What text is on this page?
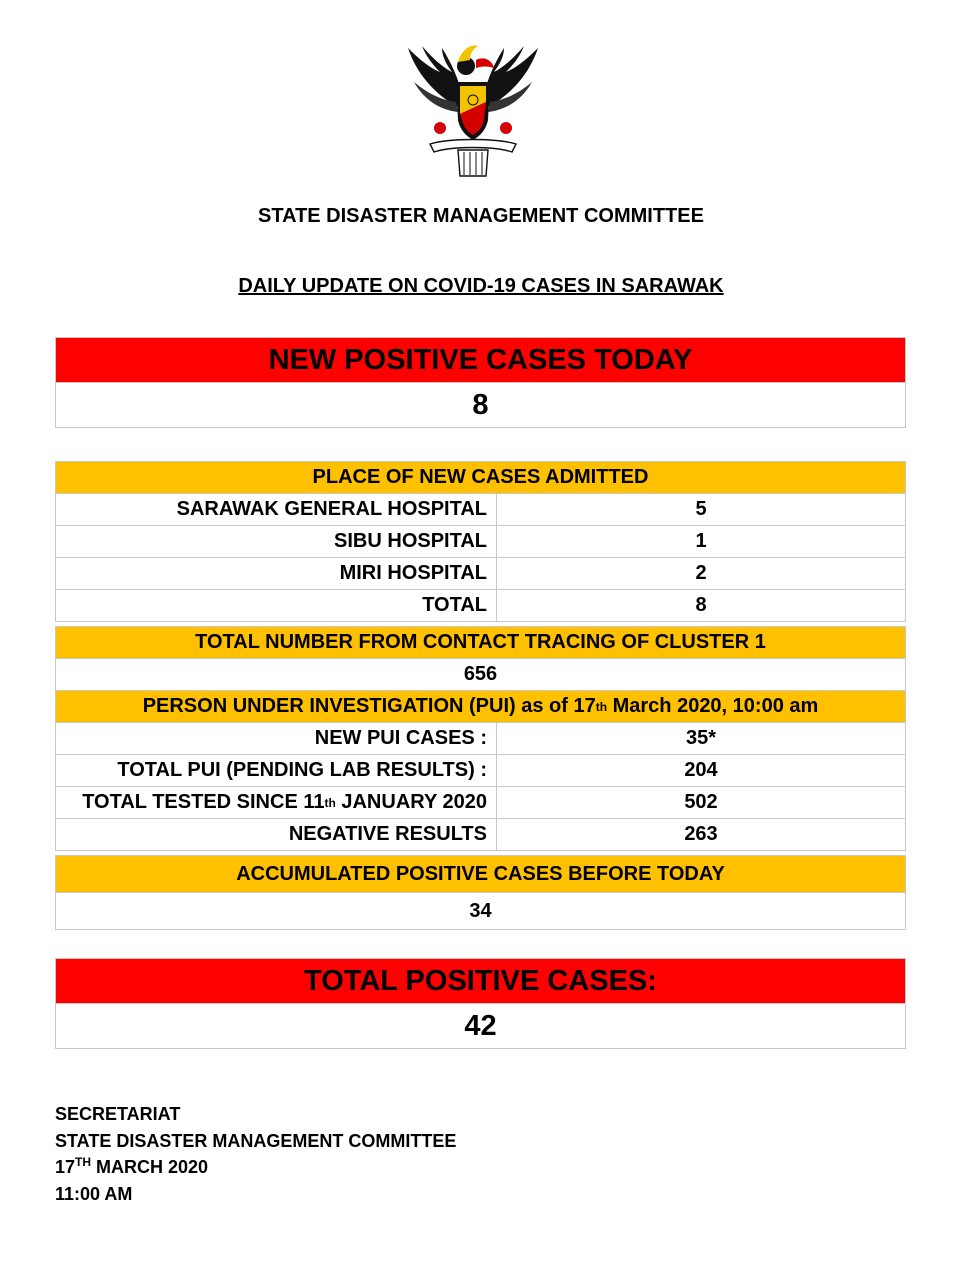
STATE DISASTER MANAGEMENT COMMITTEE
DAILY UPDATE ON COVID-19 CASES IN SARAWAK
NEW POSITIVE CASES TODAY
8
PLACE OF NEW CASES ADMITTED
SARAWAK GENERAL HOSPITAL	5
SIBU HOSPITAL	1
MIRI HOSPITAL	2
TOTAL	8
TOTAL NUMBER FROM CONTACT TRACING OF CLUSTER 1
656
PERSON UNDER INVESTIGATION (PUI) as of 17 th March 2020, 10:00 am
NEW PUI CASES :	35*
TOTAL PUI (PENDING LAB RESULTS) :	204
TOTAL TESTED SINCE 11 th JANUARY 2020	502
NEGATIVE RESULTS	263
ACCUMULATED POSITIVE CASES BEFORE TODAY
34
TOTAL POSITIVE CASES:
42
SECRETARIAT
STATE DISASTER MANAGEMENT COMMITTEE
17TH MARCH 2020
11:00 AM
